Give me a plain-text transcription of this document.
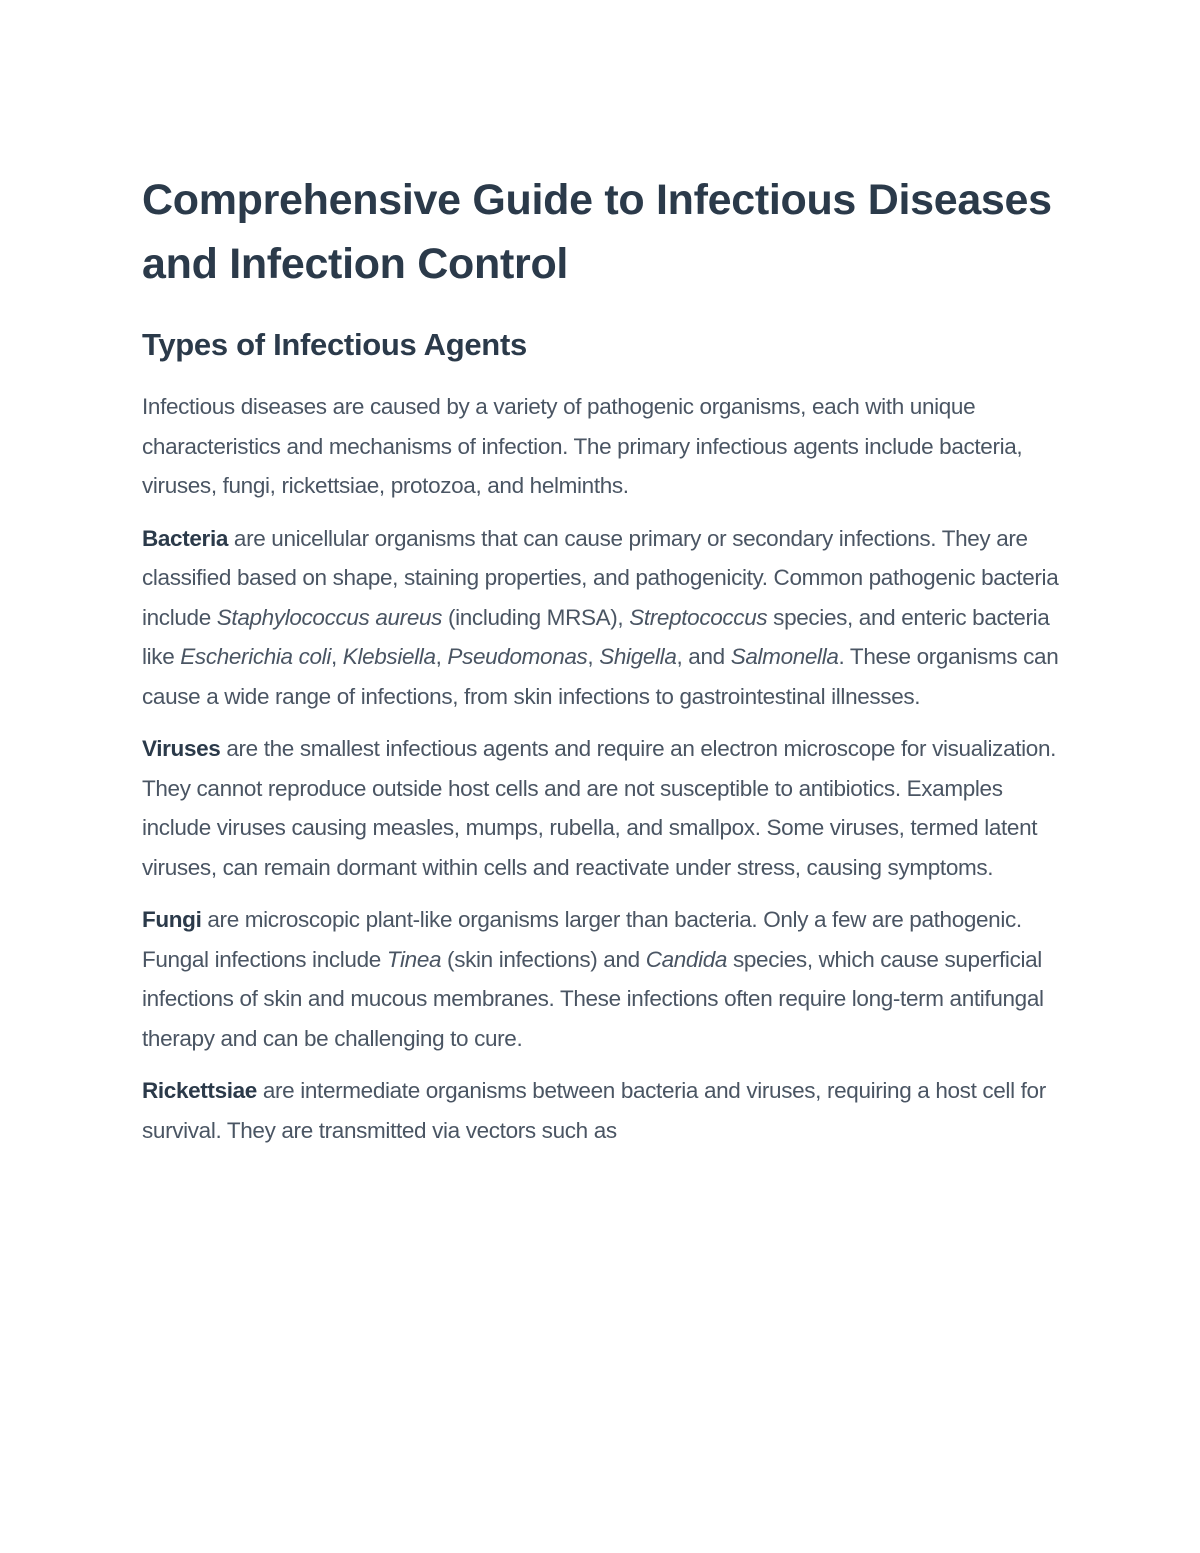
Comprehensive Guide to Infectious Diseases and Infection Control
Types of Infectious Agents

Infectious diseases are caused by a variety of pathogenic organisms, each with unique characteristics and mechanisms of infection. The primary infectious agents include bacteria, viruses, fungi, rickettsiae, protozoa, and helminths.

Bacteria are unicellular organisms that can cause primary or secondary infections. They are classified based on shape, staining properties, and pathogenicity. Common pathogenic bacteria include Staphylococcus aureus (including MRSA), Streptococcus species, and enteric bacteria like Escherichia coli, Klebsiella, Pseudomonas, Shigella, and Salmonella. These organisms can cause a wide range of infections, from skin infections to gastrointestinal illnesses.

Viruses are the smallest infectious agents and require an electron microscope for visualization. They cannot reproduce outside host cells and are not susceptible to antibiotics. Examples include viruses causing measles, mumps, rubella, and smallpox. Some viruses, termed latent viruses, can remain dormant within cells and reactivate under stress, causing symptoms.

Fungi are microscopic plant-like organisms larger than bacteria. Only a few are pathogenic. Fungal infections include Tinea (skin infections) and Candida species, which cause superficial infections of skin and mucous membranes. These infections often require long-term antifungal therapy and can be challenging to cure.

Rickettsiae are intermediate organisms between bacteria and viruses, requiring a host cell for survival. They are transmitted via vectors such as
